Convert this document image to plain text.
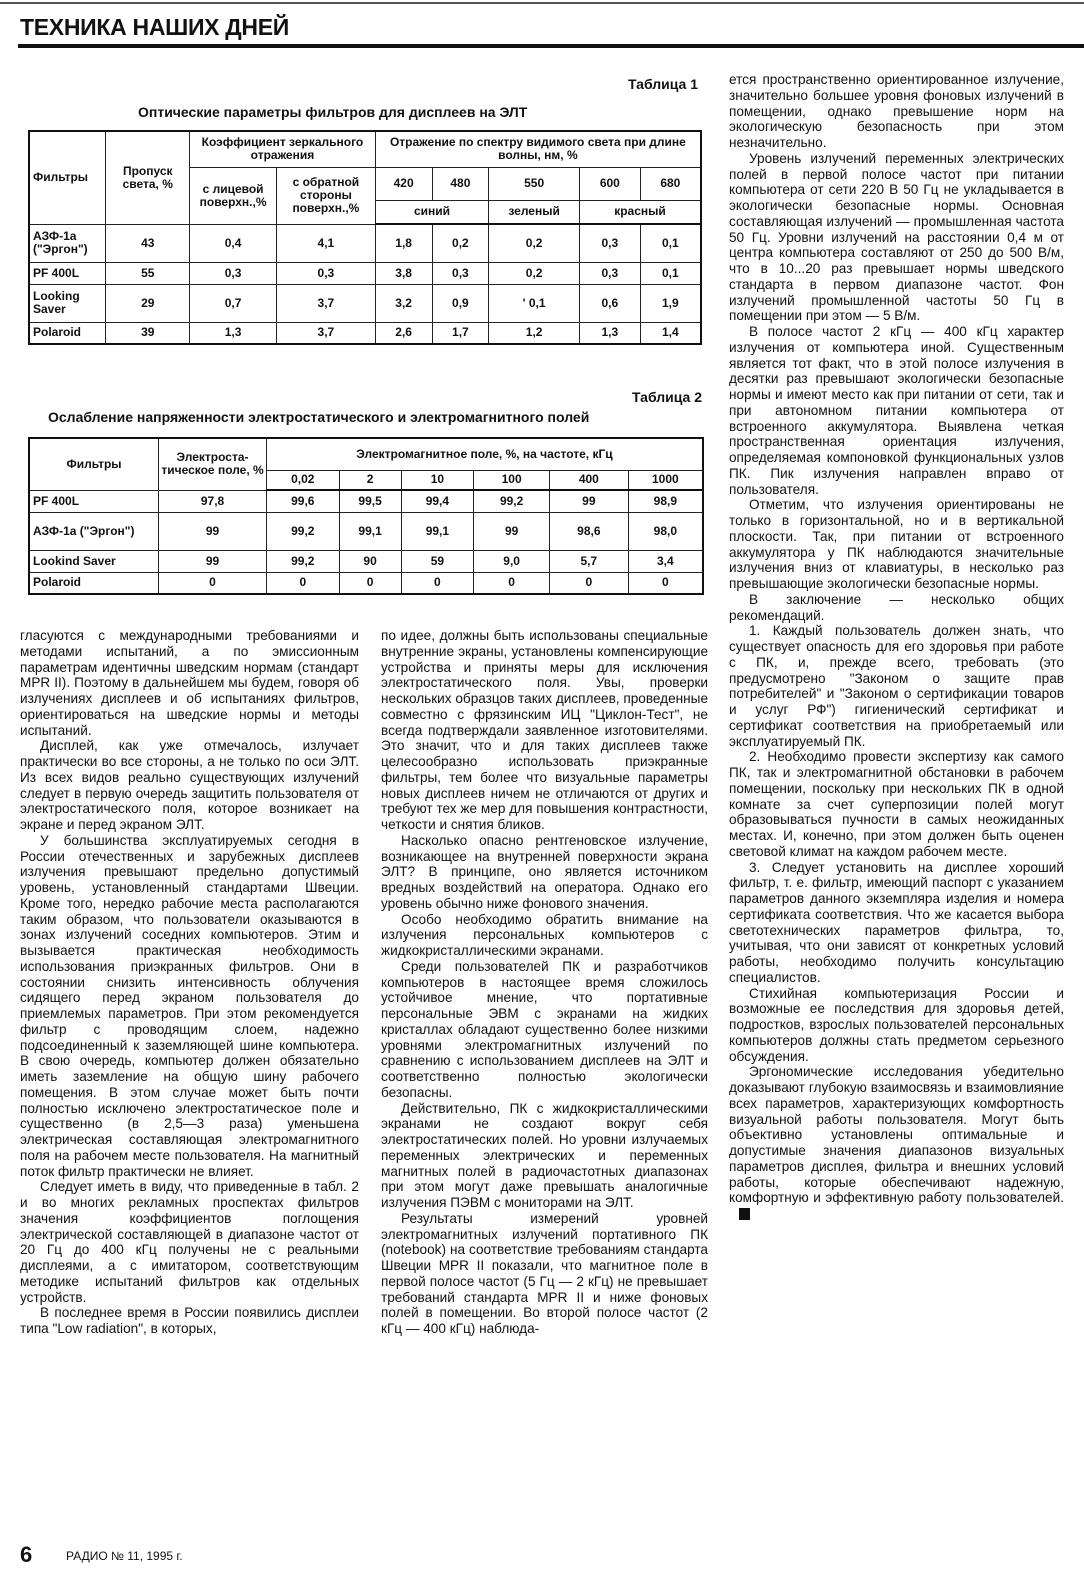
ТЕХНИКА НАШИХ ДНЕЙ
Таблица 1
Оптические параметры фильтров для дисплеев на ЭЛТ
Фильтры	Пропуск света, %	Коэффициент зеркального отражения		Отражение по спектру видимого света при длине волны, нм, %				
		с лицевой поверхн.,%	с обратной стороны поверхн.,%	420	480	550	600	680
				синий		зеленый	красный	
АЗФ-1а ("Эргон")	43	0,4	4,1	1,8	0,2	0,2	0,3	0,1
PF 400L	55	0,3	0,3	3,8	0,3	0,2	0,3	0,1
Looking Saver	29	0,7	3,7	3,2	0,9	' 0,1	0,6	1,9
Polaroid	39	1,3	3,7	2,6	1,7	1,2	1,3	1,4
Таблица 2
Ослабление напряженности электростатического и электромагнитного полей
Фильтры	Электроста-тическое поле, %	Электромагнитное поле, %, на частоте, кГц					
		0,02	2	10	100	400	1000
PF 400L	97,8	99,6	99,5	99,4	99,2	99	98,9
АЗФ-1а ("Эргон")	99	99,2	99,1	99,1	99	98,6	98,0
Lookind Saver	99	99,2	90	59	9,0	5,7	3,4
Polaroid	0	0	0	0	0	0	0

гласуются с международными требованиями и методами испытаний, а по эмиссионным параметрам идентичны шведским нормам (стандарт MPR II). Поэтому в дальнейшем мы будем, говоря об излучениях дисплеев и об испытаниях фильтров, ориентироваться на шведские нормы и методы испытаний.

Дисплей, как уже отмечалось, излучает практически во все стороны, а не только по оси ЭЛТ. Из всех видов реально существующих излучений следует в первую очередь защитить пользователя от электростатического поля, которое возникает на экране и перед экраном ЭЛТ.

У большинства эксплуатируемых сегодня в России отечественных и зарубежных дисплеев излучения превышают предельно допустимый уровень, установленный стандартами Швеции. Кроме того, нередко рабочие места располагаются таким образом, что пользователи оказываются в зонах излучений соседних компьютеров. Этим и вызывается практическая необходимость использования приэкранных фильтров. Они в состоянии снизить интенсивность облучения сидящего перед экраном пользователя до приемлемых параметров. При этом рекомендуется фильтр с проводящим слоем, надежно подсоединенный к заземляющей шине компьютера. В свою очередь, компьютер должен обязательно иметь заземление на общую шину рабочего помещения. В этом случае может быть почти полностью исключено электростатическое поле и существенно (в 2,5—3 раза) уменьшена электрическая составляющая электромагнитного поля на рабочем месте пользователя. На магнитный поток фильтр практически не влияет.

Следует иметь в виду, что приведенные в табл. 2 и во многих рекламных проспектах фильтров значения коэффициентов поглощения электрической составляющей в диапазоне частот от 20 Гц до 400 кГц получены не с реальными дисплеями, а с имитатором, соответствующим методике испытаний фильтров как отдельных устройств.

В последнее время в России появились дисплеи типа "Low radiation", в которых,

по идее, должны быть использованы специальные внутренние экраны, установлены компенсирующие устройства и приняты меры для исключения электростатического поля. Увы, проверки нескольких образцов таких дисплеев, проведенные совместно с фрязинским ИЦ "Циклон-Тест", не всегда подтверждали заявленное изготовителями. Это значит, что и для таких дисплеев также целесообразно использовать приэкранные фильтры, тем более что визуальные параметры новых дисплеев ничем не отличаются от других и требуют тех же мер для повышения контрастности, четкости и снятия бликов.

Насколько опасно рентгеновское излучение, возникающее на внутренней поверхности экрана ЭЛТ? В принципе, оно является источником вредных воздействий на оператора. Однако его уровень обычно ниже фонового значения.

Особо необходимо обратить внимание на излучения персональных компьютеров с жидкокристаллическими экранами.

Среди пользователей ПК и разработчиков компьютеров в настоящее время сложилось устойчивое мнение, что портативные персональные ЭВМ с экранами на жидких кристаллах обладают существенно более низкими уровнями электромагнитных излучений по сравнению с использованием дисплеев на ЭЛТ и соответственно полностью экологически безопасны.

Действительно, ПК с жидкокристаллическими экранами не создают вокруг себя электростатических полей. Но уровни излучаемых переменных электрических и переменных магнитных полей в радиочастотных диапазонах при этом могут даже превышать аналогичные излучения ПЭВМ с мониторами на ЭЛТ.

Результаты измерений уровней электромагнитных излучений портативного ПК (notebook) на соответствие требованиям стандарта Швеции MPR II показали, что магнитное поле в первой полосе частот (5 Гц — 2 кГц) не превышает требований стандарта MPR II и ниже фоновых полей в помещении. Во второй полосе частот (2 кГц — 400 кГц) наблюда-

ется пространственно ориентированное излучение, значительно большее уровня фоновых излучений в помещении, однако превышение норм на экологическую безопасность при этом незначительно.

Уровень излучений переменных электрических полей в первой полосе частот при питании компьютера от сети 220 В 50 Гц не укладывается в экологически безопасные нормы. Основная составляющая излучений — промышленная частота 50 Гц. Уровни излучений на расстоянии 0,4 м от центра компьютера составляют от 250 до 500 В/м, что в 10...20 раз превышает нормы шведского стандарта в первом диапазоне частот. Фон излучений промышленной частоты 50 Гц в помещении при этом — 5 В/м.

В полосе частот 2 кГц — 400 кГц характер излучения от компьютера иной. Существенным является тот факт, что в этой полосе излучения в десятки раз превышают экологически безопасные нормы и имеют место как при питании от сети, так и при автономном питании компьютера от встроенного аккумулятора. Выявлена четкая пространственная ориентация излучения, определяемая компоновкой функциональных узлов ПК. Пик излучения направлен вправо от пользователя.

Отметим, что излучения ориентированы не только в горизонтальной, но и в вертикальной плоскости. Так, при питании от встроенного аккумулятора у ПК наблюдаются значительные излучения вниз от клавиатуры, в несколько раз превышающие экологически безопасные нормы.

В заключение — несколько общих рекомендаций.

1. Каждый пользователь должен знать, что существует опасность для его здоровья при работе с ПК, и, прежде всего, требовать (это предусмотрено "Законом о защите прав потребителей" и "Законом о сертификации товаров и услуг РФ") гигиенический сертификат и сертификат соответствия на приобретаемый или эксплуатируемый ПК.

2. Необходимо провести экспертизу как самого ПК, так и электромагнитной обстановки в рабочем помещении, поскольку при нескольких ПК в одной комнате за счет суперпозиции полей могут образовываться пучности в самых неожиданных местах. И, конечно, при этом должен быть оценен световой климат на каждом рабочем месте.

3. Следует установить на дисплее хороший фильтр, т. е. фильтр, имеющий паспорт с указанием параметров данного экземпляра изделия и номера сертификата соответствия. Что же касается выбора светотехнических параметров фильтра, то, учитывая, что они зависят от конкретных условий работы, необходимо получить консультацию специалистов.

Стихийная компьютеризация России и возможные ее последствия для здоровья детей, подростков, взрослых пользователей персональных компьютеров должны стать предметом серьезного обсуждения.

Эргономические исследования убедительно доказывают глубокую взаимосвязь и взаимовлияние всех параметров, характеризующих комфортность визуальной работы пользователя. Могут быть объективно установлены оптимальные и допустимые значения диапазонов визуальных параметров дисплея, фильтра и внешних условий работы, которые обеспечивают надежную, комфортную и эффективную работу пользователей.

6	РАДИО № 11, 1995 г.
